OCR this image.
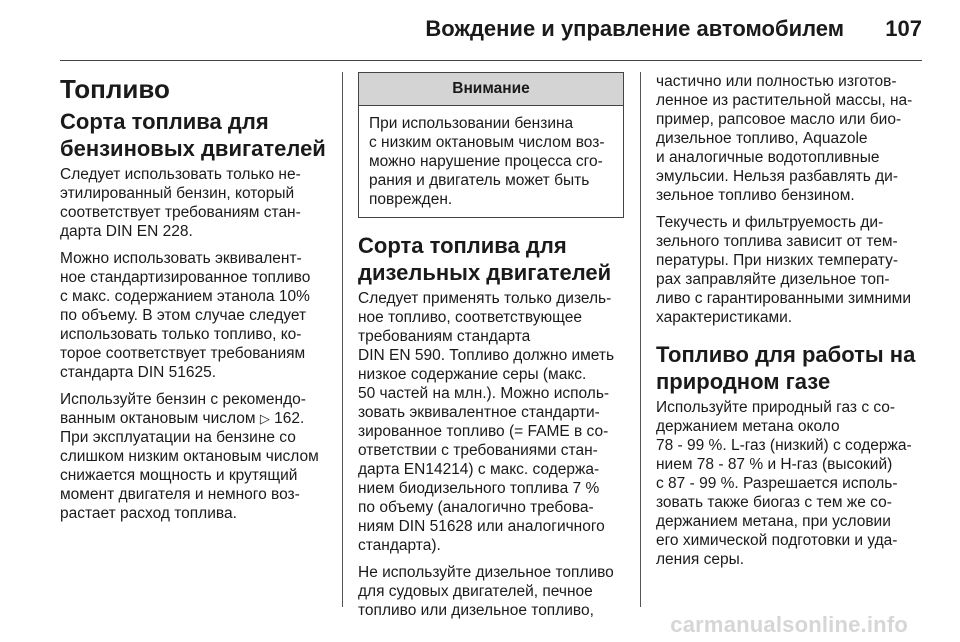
Вождение и управление автомобилем 107
Топливо
Сорта топлива для
бензиновых двигателей
Следует использовать только не-
этилированный бензин, который
соответствует требованиям стан-
дарта DIN EN 228.
Можно использовать эквивалент-
ное стандартизированное топливо
с макс. содержанием этанола 10%
по объему. В этом случае следует
использовать только топливо, ко-
торое соответствует требованиям
стандарта DIN 51625.
Используйте бензин с рекомендо-
ванным октановым числом ▷ 162.
При эксплуатации на бензине со
слишком низким октановым числом
снижается мощность и крутящий
момент двигателя и немного воз-
растает расход топлива.
Внимание
При использовании бензина
с низким октановым числом воз-
можно нарушение процесса сго-
рания и двигатель может быть
поврежден.
Сорта топлива для
дизельных двигателей
Следует применять только дизель-
ное топливо, соответствующее
требованиям стандарта
DIN EN 590. Топливо должно иметь
низкое содержание серы (макс.
50 частей на млн.). Можно исполь-
зовать эквивалентное стандарти-
зированное топливо (= FAME в со-
ответствии с требованиями стан-
дарта EN14214) с макс. содержа-
нием биодизельного топлива 7 %
по объему (аналогично требова-
ниям DIN 51628 или аналогичного
стандарта).
Не используйте дизельное топливо
для судовых двигателей, печное
топливо или дизельное топливо,
частично или полностью изготов-
ленное из растительной массы, на-
пример, рапсовое масло или био-
дизельное топливо, Aquazole
и аналогичные водотопливные
эмульсии. Нельзя разбавлять ди-
зельное топливо бензином.
Текучесть и фильтруемость ди-
зельного топлива зависит от тем-
пературы. При низких температу-
рах заправляйте дизельное топ-
ливо с гарантированными зимними
характеристиками.
Топливо для работы на
природном газе
Используйте природный газ с со-
держанием метана около
78 - 99 %. L-газ (низкий) с содержа-
нием 78 - 87 % и H-газ (высокий)
с 87 - 99 %. Разрешается исполь-
зовать также биогаз с тем же со-
держанием метана, при условии
его химической подготовки и уда-
ления серы.
carmanualsonline.info
